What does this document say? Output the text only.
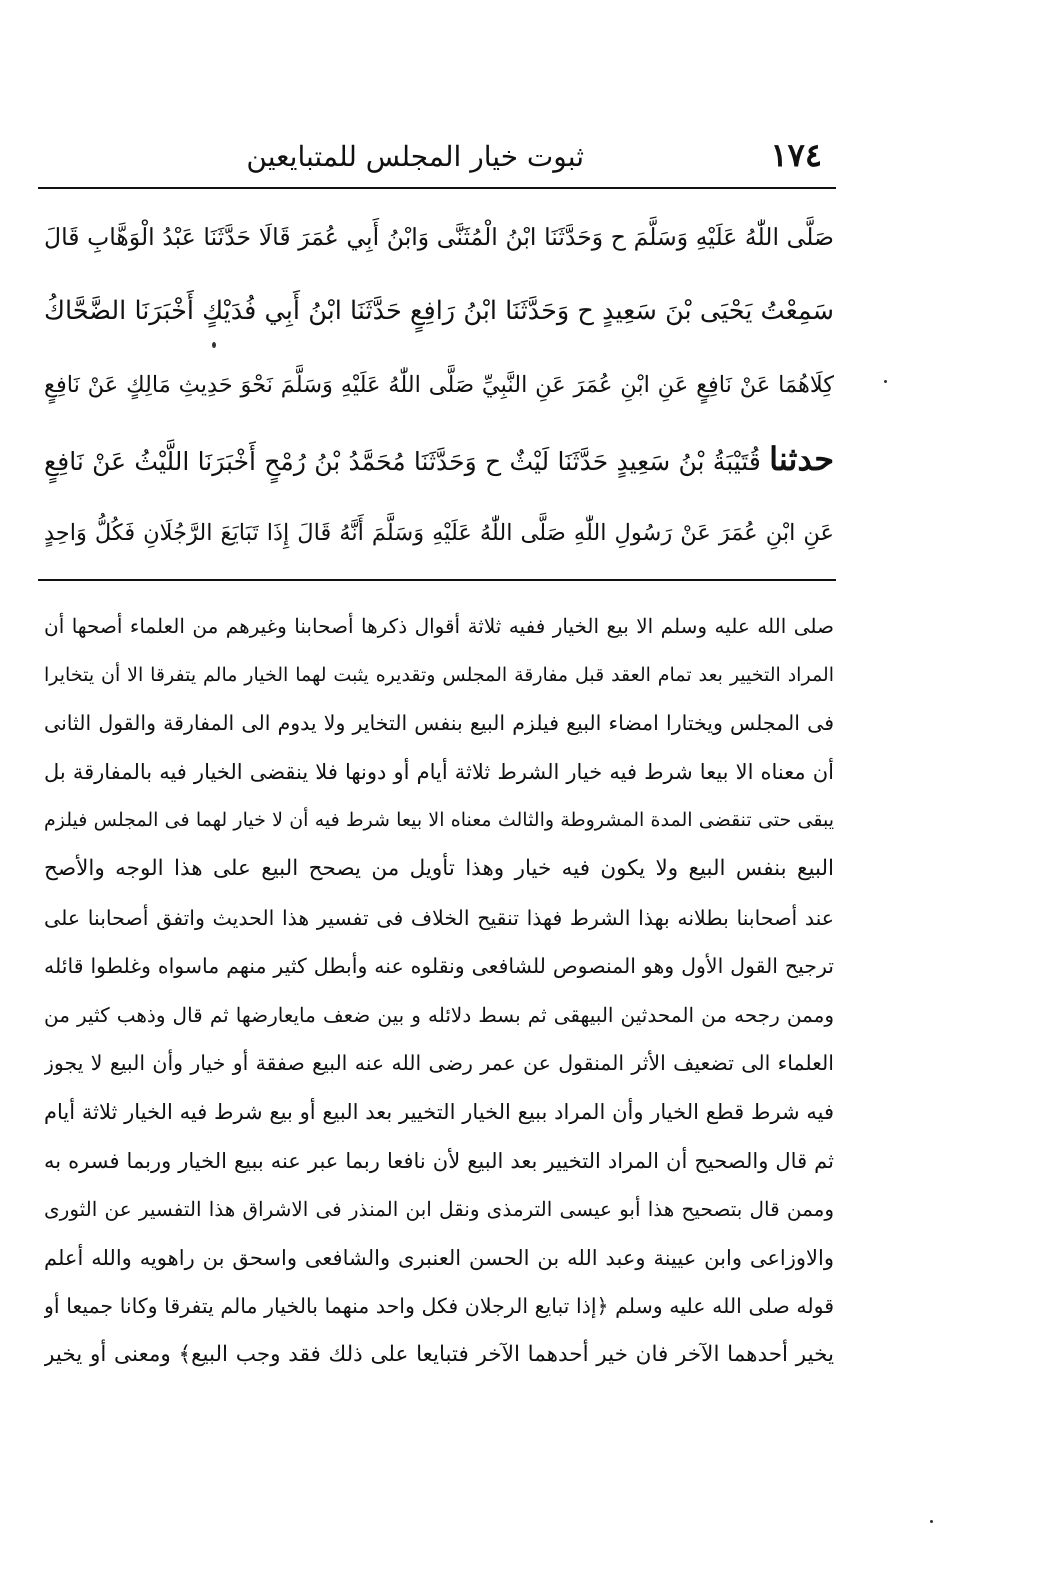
١٧٤
ثبوت خيار المجلس للمتبايعين
صَلَّى اللّٰهُ عَلَيْهِ وَسَلَّمَ ح وَحَدَّثَنَا ابْنُ الْمُثَنَّى وَابْنُ أَبِي عُمَرَ قَالَا حَدَّثَنَا عَبْدُ الْوَهَّابِ قَالَ
سَمِعْتُ يَحْيَى بْنَ سَعِيدٍ ح وَحَدَّثَنَا ابْنُ رَافِعٍ حَدَّثَنَا ابْنُ أَبِي فُدَيْكٍ أَخْبَرَنَا الضَّحَّاكُ
كِلَاهُمَا عَنْ نَافِعٍ عَنِ ابْنِ عُمَرَ عَنِ النَّبِيِّ صَلَّى اللّٰهُ عَلَيْهِ وَسَلَّمَ نَحْوَ حَدِيثِ مَالِكٍ عَنْ نَافِعٍ
حدثنا قُتَيْبَةُ بْنُ سَعِيدٍ حَدَّثَنَا لَيْثٌ ح وَحَدَّثَنَا مُحَمَّدُ بْنُ رُمْحٍ أَخْبَرَنَا اللَّيْثُ عَنْ نَافِعٍ
عَنِ ابْنِ عُمَرَ عَنْ رَسُولِ اللّٰهِ صَلَّى اللّٰهُ عَلَيْهِ وَسَلَّمَ أَنَّهُ قَالَ إِذَا تَبَايَعَ الرَّجُلَانِ فَكُلُّ وَاحِدٍ
صلى الله عليه وسلم الا بيع الخيار ففيه ثلاثة أقوال ذكرها أصحابنا وغيرهم من العلماء أصحها أن
المراد التخيير بعد تمام العقد قبل مفارقة المجلس وتقديره يثبت لهما الخيار مالم يتفرقا الا أن يتخايرا
فى المجلس ويختارا امضاء البيع فيلزم البيع بنفس التخاير ولا يدوم الى المفارقة والقول الثانى
أن معناه الا بيعا شرط فيه خيار الشرط ثلاثة أيام أو دونها فلا ينقضى الخيار فيه بالمفارقة بل
يبقى حتى تنقضى المدة المشروطة والثالث معناه الا بيعا شرط فيه أن لا خيار لهما فى المجلس فيلزم
البيع بنفس البيع ولا يكون فيه خيار وهذا تأويل من يصحح البيع على هذا الوجه والأصح
عند أصحابنا بطلانه بهذا الشرط فهذا تنقيح الخلاف فى تفسير هذا الحديث واتفق أصحابنا على
ترجيح القول الأول وهو المنصوص للشافعى ونقلوه عنه وأبطل كثير منهم ماسواه وغلطوا قائله
وممن رجحه من المحدثين البيهقى ثم بسط دلائله و بين ضعف مايعارضها ثم قال وذهب كثير من
العلماء الى تضعيف الأثر المنقول عن عمر رضى الله عنه البيع صفقة أو خيار وأن البيع لا يجوز
فيه شرط قطع الخيار وأن المراد ببيع الخيار التخيير بعد البيع أو بيع شرط فيه الخيار ثلاثة أيام
ثم قال والصحيح أن المراد التخيير بعد البيع لأن نافعا ربما عبر عنه ببيع الخيار وربما فسره به
وممن قال بتصحيح هذا أبو عيسى الترمذى ونقل ابن المنذر فى الاشراق هذا التفسير عن الثورى
والاوزاعى وابن عيينة وعبد الله بن الحسن العنبرى والشافعى واسحق بن راهويه والله أعلم
قوله صلى الله عليه وسلم ﴿إذا تبايع الرجلان فكل واحد منهما بالخيار مالم يتفرقا وكانا جميعا أو
يخير أحدهما الآخر فان خير أحدهما الآخر فتبايعا على ذلك فقد وجب البيع﴾ ومعنى أو يخير
